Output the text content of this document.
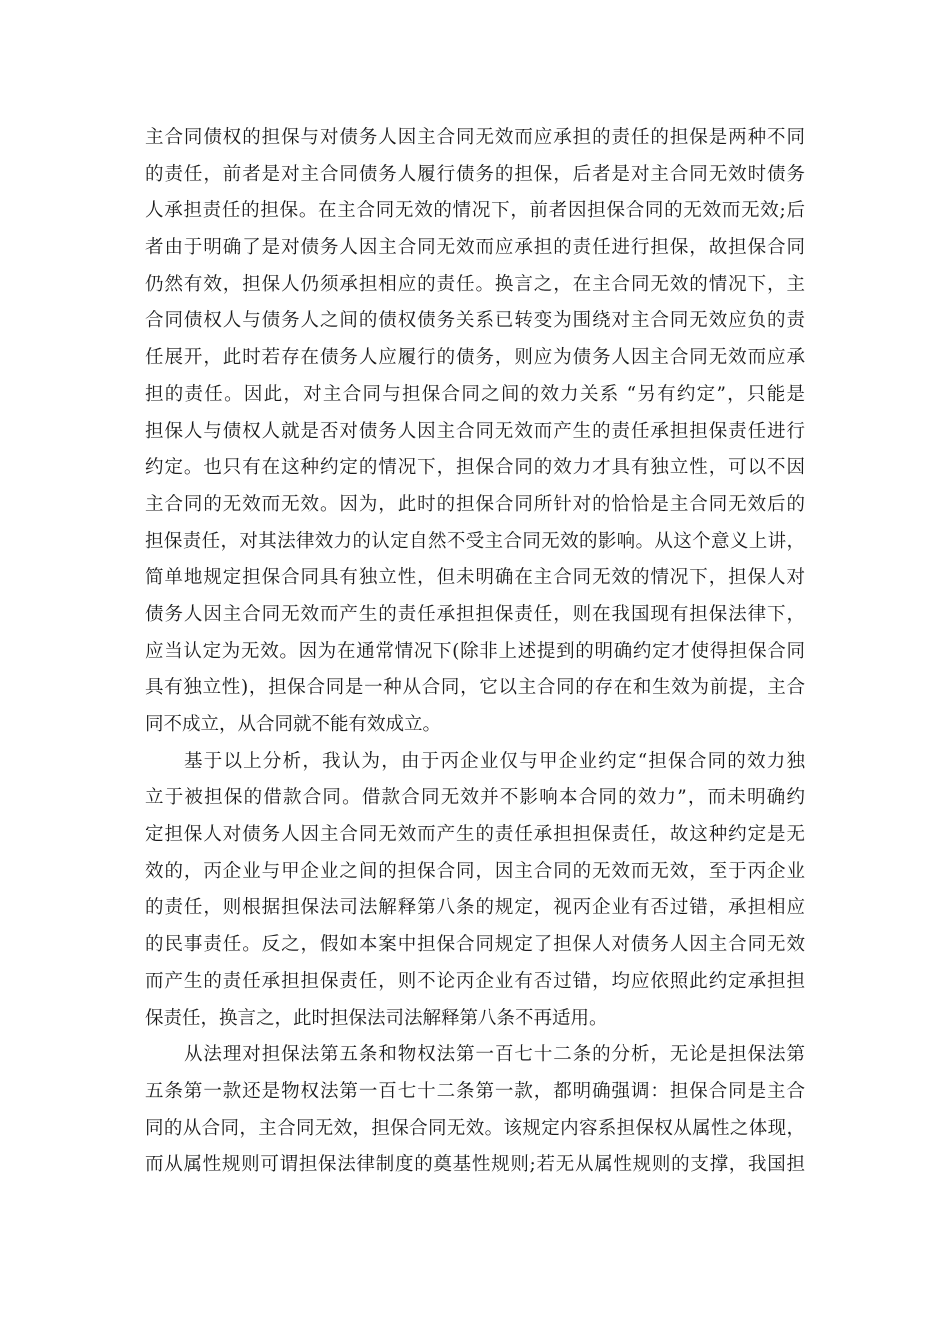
主合同债权的担保与对债务人因主合同无效而应承担的责任的担保是两种不同
的责任，前者是对主合同债务人履行债务的担保，后者是对主合同无效时债务
人承担责任的担保。在主合同无效的情况下，前者因担保合同的无效而无效;后
者由于明确了是对债务人因主合同无效而应承担的责任进行担保，故担保合同
仍然有效，担保人仍须承担相应的责任。换言之，在主合同无效的情况下，主
合同债权人与债务人之间的债权债务关系已转变为围绕对主合同无效应负的责
任展开，此时若存在债务人应履行的债务，则应为债务人因主合同无效而应承
担的责任。因此，对主合同与担保合同之间的效力关系 “另有约定”，只能是
担保人与债权人就是否对债务人因主合同无效而产生的责任承担担保责任进行
约定。也只有在这种约定的情况下，担保合同的效力才具有独立性，可以不因
主合同的无效而无效。因为，此时的担保合同所针对的恰恰是主合同无效后的
担保责任，对其法律效力的认定自然不受主合同无效的影响。从这个意义上讲，
简单地规定担保合同具有独立性，但未明确在主合同无效的情况下，担保人对
债务人因主合同无效而产生的责任承担担保责任，则在我国现有担保法律下，
应当认定为无效。因为在通常情况下(除非上述提到的明确约定才使得担保合同
具有独立性)，担保合同是一种从合同，它以主合同的存在和生效为前提，主合
同不成立，从合同就不能有效成立。
基于以上分析，我认为，由于丙企业仅与甲企业约定“担保合同的效力独
立于被担保的借款合同。借款合同无效并不影响本合同的效力”，而未明确约
定担保人对债务人因主合同无效而产生的责任承担担保责任，故这种约定是无
效的，丙企业与甲企业之间的担保合同，因主合同的无效而无效，至于丙企业
的责任，则根据担保法司法解释第八条的规定，视丙企业有否过错，承担相应
的民事责任。反之，假如本案中担保合同规定了担保人对债务人因主合同无效
而产生的责任承担担保责任，则不论丙企业有否过错，均应依照此约定承担担
保责任，换言之，此时担保法司法解释第八条不再适用。
从法理对担保法第五条和物权法第一百七十二条的分析，无论是担保法第
五条第一款还是物权法第一百七十二条第一款，都明确强调：担保合同是主合
同的从合同，主合同无效，担保合同无效。该规定内容系担保权从属性之体现，
而从属性规则可谓担保法律制度的奠基性规则;若无从属性规则的支撑，我国担
